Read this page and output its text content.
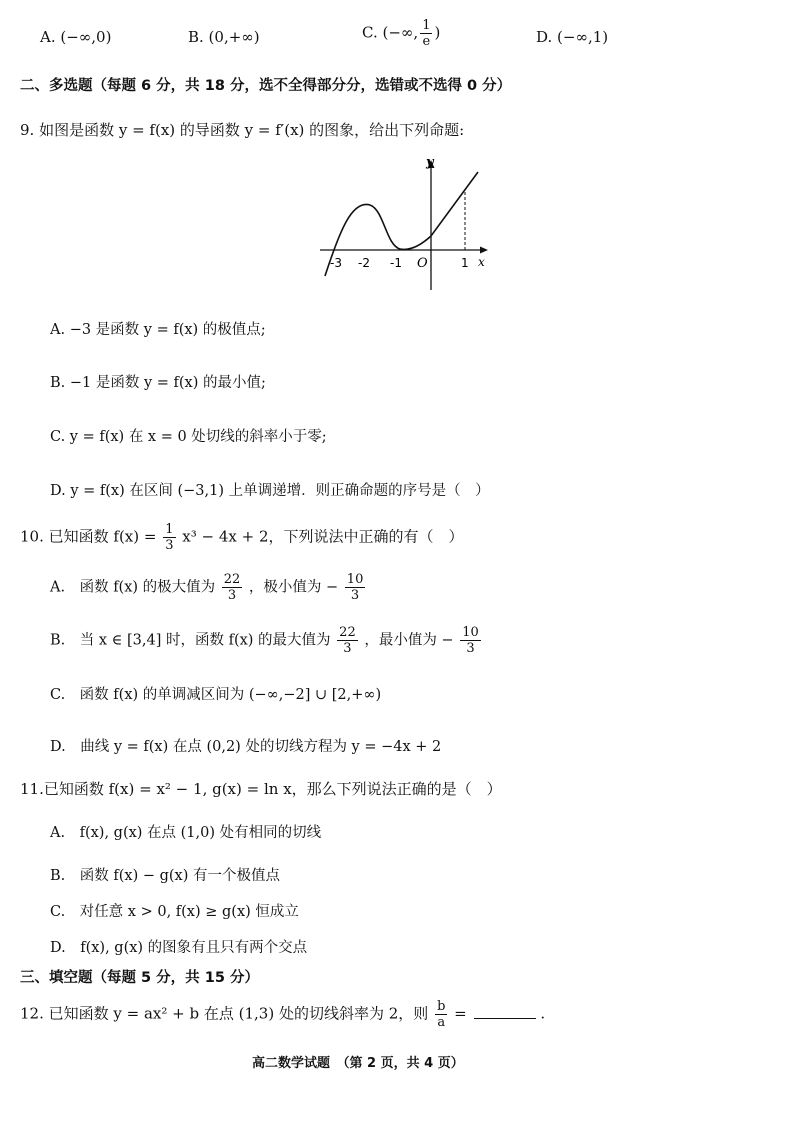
A. (−∞,0)	B. (0,+∞)	C. (−∞, $\frac{1}{e}$ )	D. (−∞,1)
二、多选题（每题 6 分，共 18 分，选不全得部分分，选错或不选得 0 分）
9. 如图是函数 y = f(x) 的导函数 y = f′(x) 的图象，给出下列命题:
y
x
O
-3 -2 -1	1
A. −3 是函数 y = f(x) 的极值点;
B. −1 是函数 y = f(x) 的最小值;
C. y = f(x) 在 x = 0 处切线的斜率小于零;
D. y = f(x) 在区间 (−3,1) 上单调递增．则正确命题的序号是（　）
10. 已知函数 $f(x) = \frac{1}{3} x^3 - 4x + 2$，下列说法中正确的有（　）
A.　函数 f(x) 的极大值为 $\frac{22}{3}$ ，极小值为 − $\frac{10}{3}$
B.　当 x ∈ [3,4] 时，函数 f(x) 的最大值为 $\frac{22}{3}$ ，最小值为 − $\frac{10}{3}$
C.　函数 f(x) 的单调减区间为 (−∞,−2] ∪ [2,+∞)
D.　曲线 y = f(x) 在点 (0,2) 处的切线方程为 y = −4x + 2
11.已知函数 f(x) = x² − 1, g(x) = ln x，那么下列说法正确的是（　）
A.　f(x), g(x) 在点 (1,0) 处有相同的切线
B.　函数 f(x) − g(x) 有一个极值点
C.　对任意 x > 0, f(x) ≥ g(x) 恒成立
D.　f(x), g(x) 的图象有且只有两个交点
三、填空题（每题 5 分，共 15 分）
12. 已知函数 y = ax² + b 在点 (1,3) 处的切线斜率为 2，则 $\frac{b}{a}$ =	.
高二数学试题　（第 2 页，共 4 页）
